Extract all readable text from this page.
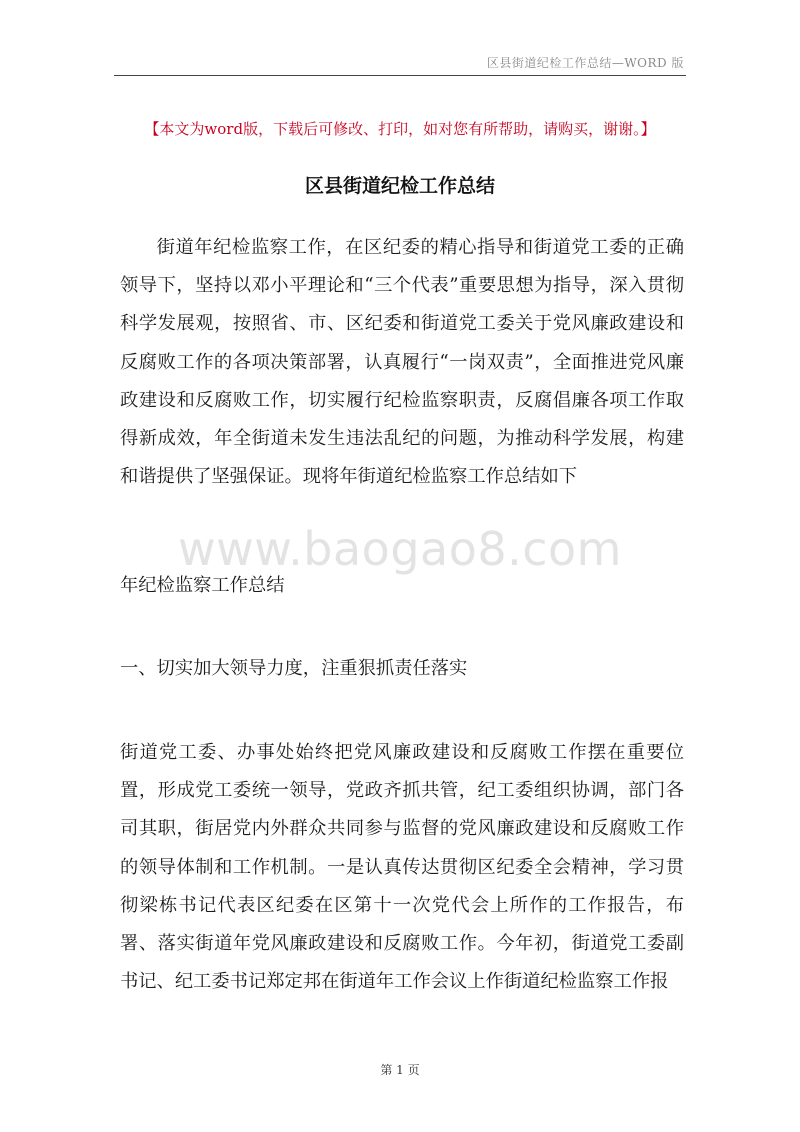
区县街道纪检工作总结—WORD 版
【本文为word版，下载后可修改、打印，如对您有所帮助，请购买，谢谢。】
区县街道纪检工作总结
街道年纪检监察工作，在区纪委的精心指导和街道党工委的正确领导下，坚持以邓小平理论和“三个代表”重要思想为指导，深入贯彻科学发展观，按照省、市、区纪委和街道党工委关于党风廉政建设和反腐败工作的各项决策部署，认真履行“一岗双责”，全面推进党风廉政建设和反腐败工作，切实履行纪检监察职责，反腐倡廉各项工作取得新成效，年全街道未发生违法乱纪的问题，为推动科学发展，构建和谐提供了坚强保证。现将年街道纪检监察工作总结如下
www.baogao8.com
年纪检监察工作总结
一、切实加大领导力度，注重狠抓责任落实
街道党工委、办事处始终把党风廉政建设和反腐败工作摆在重要位置，形成党工委统一领导，党政齐抓共管，纪工委组织协调，部门各司其职，街居党内外群众共同参与监督的党风廉政建设和反腐败工作的领导体制和工作机制。一是认真传达贯彻区纪委全会精神，学习贯彻梁栋书记代表区纪委在区第十一次党代会上所作的工作报告，布署、落实街道年党风廉政建设和反腐败工作。今年初，街道党工委副书记、纪工委书记郑定邦在街道年工作会议上作街道纪检监察工作报
第 1 页
